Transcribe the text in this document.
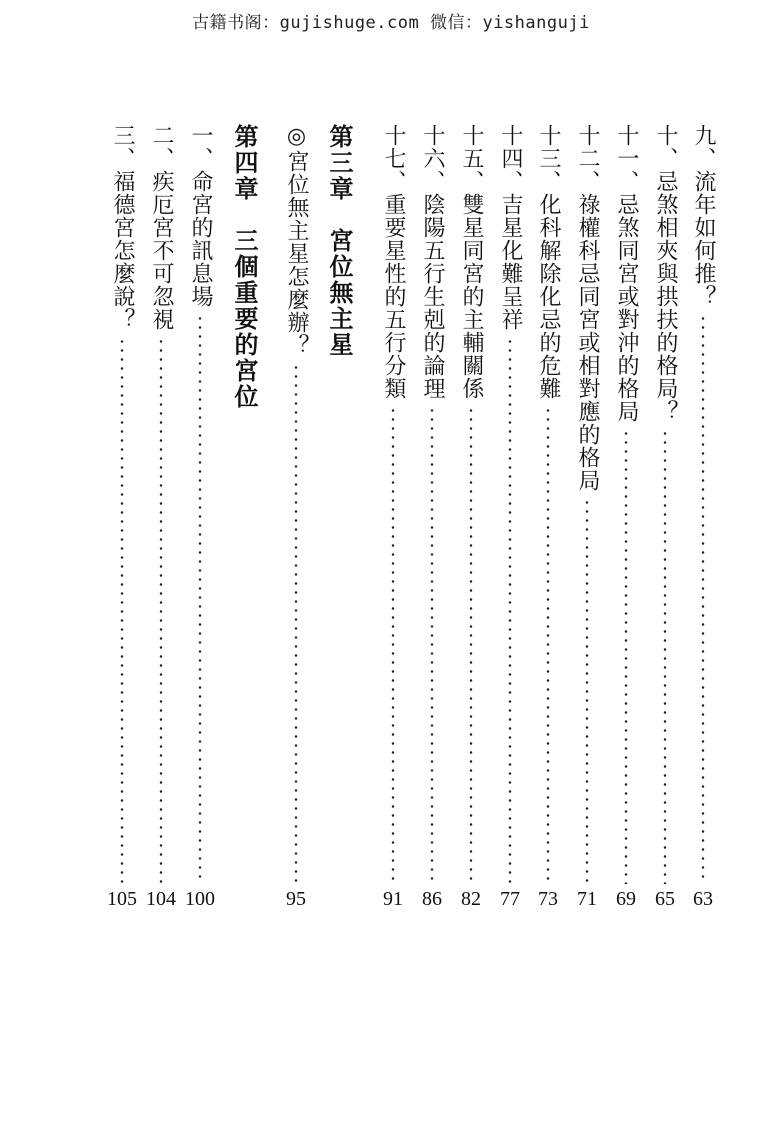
古籍书阁：gujishuge.com 微信：yishanguji
九、流年如何推？
63
十、忌煞相夾與拱扶的格局？
65
十一、忌煞同宮或對沖的格局
69
十二、祿權科忌同宮或相對應的格局
71
十三、化科解除化忌的危難
73
十四、吉星化難呈祥
77
十五、雙星同宮的主輔關係
82
十六、陰陽五行生剋的論理
86
十七、重要星性的五行分類
91
第三章　宮位無主星
◎宮位無主星怎麼辦？
95
第四章　三個重要的宮位
一、命宮的訊息場
100
二、疾厄宮不可忽視
104
三、福德宮怎麼說？
105
